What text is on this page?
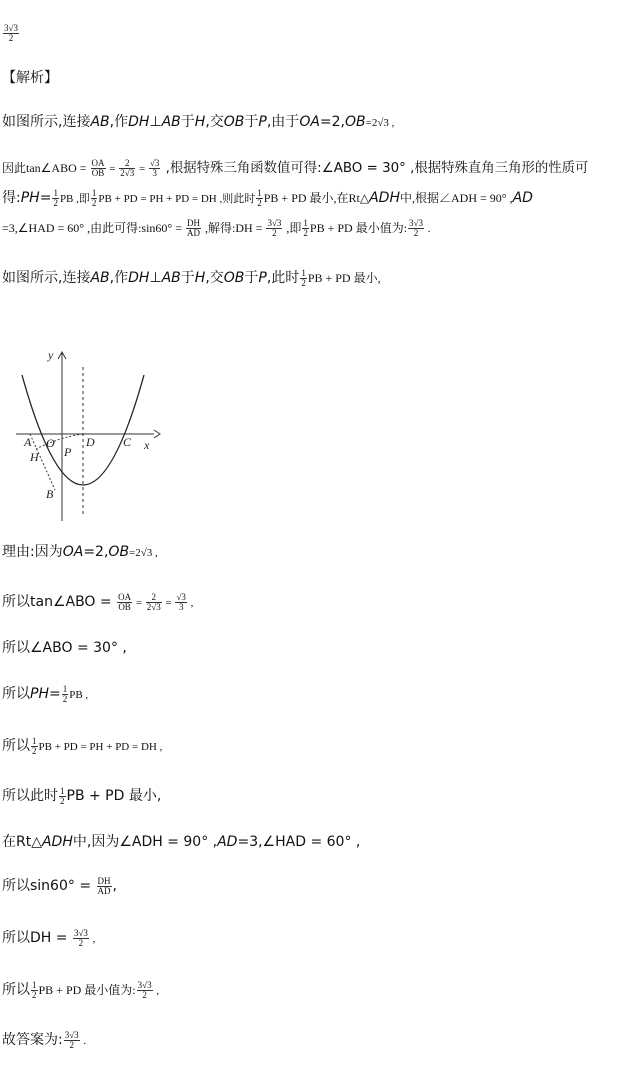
$\frac{3√3}{2}$
【解析】
如图所示,连接AB,作DH⊥AB于H,交OB于P,由于OA=2,OB=2√3 ,
因此tan∠ABO = $\frac{OA}{OB} = \frac{2}{2√3} = \frac{√3}{3}$ ,根据特殊三角函数值可得:∠ABO = 30° ,根据特殊直角三角形的性质可
得:PH= $\frac{1}{2}$ PB ,即 $\frac{1}{2}$ PB + PD = PH + PD = DH ,则此时 $\frac{1}{2}$ PB + PD 最小,在Rt△ADH中,根据∠ADH = 90° ,AD
=3,∠HAD = 60° ,由此可得:sin60° = $\frac{DH}{AD}$ ,解得:DH = $\frac{3√3}{2}$ ,即 $\frac{1}{2}$ PB + PD 最小值为: $\frac{3√3}{2}$ .
如图所示,连接AB,作DH⊥AB于H,交OB于P,此时 $\frac{1}{2}$ PB + PD 最小,
y
x
A O	D C
H P
B
理由:因为OA=2,OB=2√3 ,
所以tan∠ABO = $\frac{OA}{OB} = \frac{2}{2√3} = \frac{√3}{3}$ ,
所以∠ABO = 30° ,
所以$PH= \frac{1}{2}$ PB ,
所以 $\frac{1}{2}$ PB + PD = PH + PD = DH ,
所以此时 $\frac{1}{2}$ PB + PD 最小,
在Rt△ADH中,因为∠ADH = 90° ,AD=3,∠HAD = 60° ,
所以$\sin 60^\circ = \frac{DH}{AD}$ ,
所以DH = $\frac{3√3}{2}$ ,
所以 $\frac{1}{2}$ PB + PD 最小值为: $\frac{3√3}{2}$ ,
故答案为: $\frac{3√3}{2}$ .
